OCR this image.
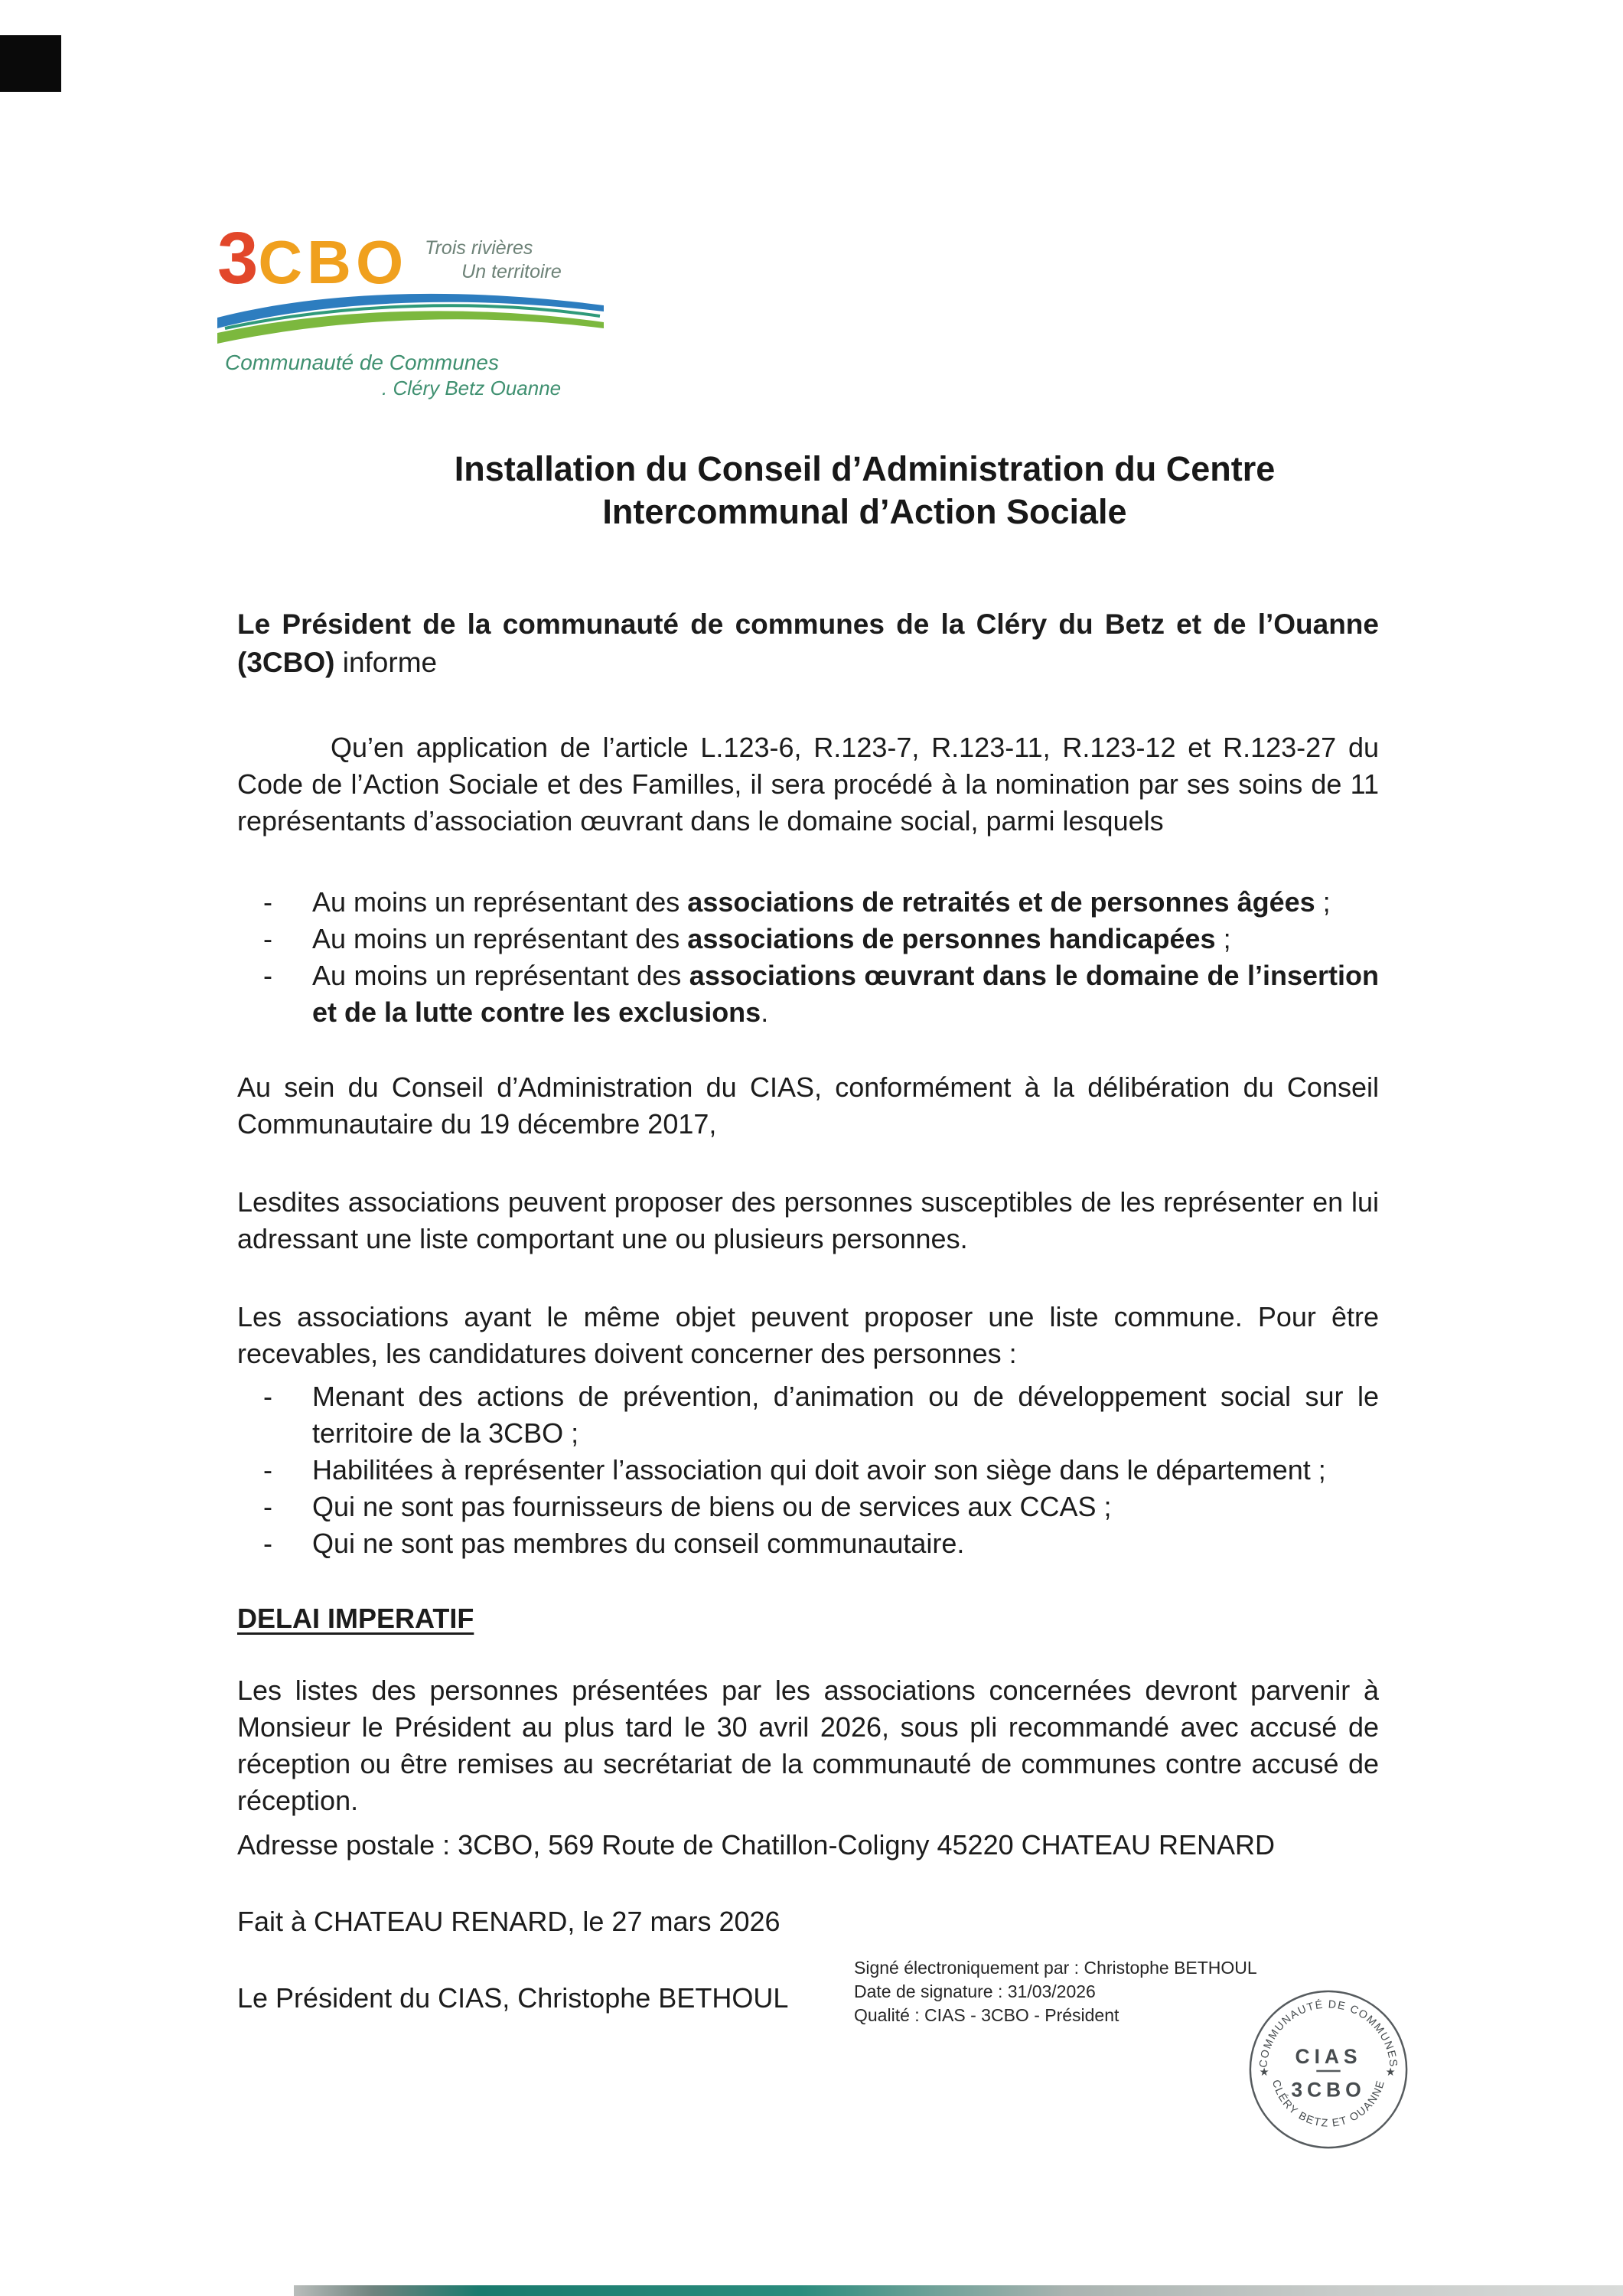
3CBO Trois rivières
Un territoire
Communauté de Communes
. Cléry Betz Ouanne
Installation du Conseil d’Administration du Centre
Intercommunal d’Action Sociale

Le Président de la communauté de communes de la Cléry du Betz et de l’Ouanne (3CBO) informe

Qu’en application de l’article L.123-6, R.123-7, R.123-11, R.123-12 et R.123-27 du Code de l’Action Sociale et des Familles, il sera procédé à la nomination par ses soins de 11 représentants d’association œuvrant dans le domaine social, parmi lesquels

- Au moins un représentant des associations de retraités et de personnes âgées ;
- Au moins un représentant des associations de personnes handicapées ;
- Au moins un représentant des associations œuvrant dans le domaine de l’insertion et de la lutte contre les exclusions.

Au sein du Conseil d’Administration du CIAS, conformément à la délibération du Conseil Communautaire du 19 décembre 2017,

Lesdites associations peuvent proposer des personnes susceptibles de les représenter en lui adressant une liste comportant une ou plusieurs personnes.

Les associations ayant le même objet peuvent proposer une liste commune. Pour être recevables, les candidatures doivent concerner des personnes :

- Menant des actions de prévention, d’animation ou de développement social sur le territoire de la 3CBO ;
- Habilitées à représenter l’association qui doit avoir son siège dans le département ;
- Qui ne sont pas fournisseurs de biens ou de services aux CCAS ;
- Qui ne sont pas membres du conseil communautaire.
DELAI IMPERATIF

Les listes des personnes présentées par les associations concernées devront parvenir à Monsieur le Président au plus tard le 30 avril 2026, sous pli recommandé avec accusé de réception ou être remises au secrétariat de la communauté de communes contre accusé de réception.

Adresse postale : 3CBO, 569 Route de Chatillon-Coligny 45220 CHATEAU RENARD

Fait à CHATEAU RENARD, le 27 mars 2026

Le Président du CIAS, Christophe BETHOUL

Signé électroniquement par : Christophe BETHOUL
Date de signature : 31/03/2026
Qualité : CIAS - 3CBO - Président
COMMUNAUTÉ DE COMMUNES
CLÉRY BETZ ET OUANNE
CIAS
3CBO
★	★
